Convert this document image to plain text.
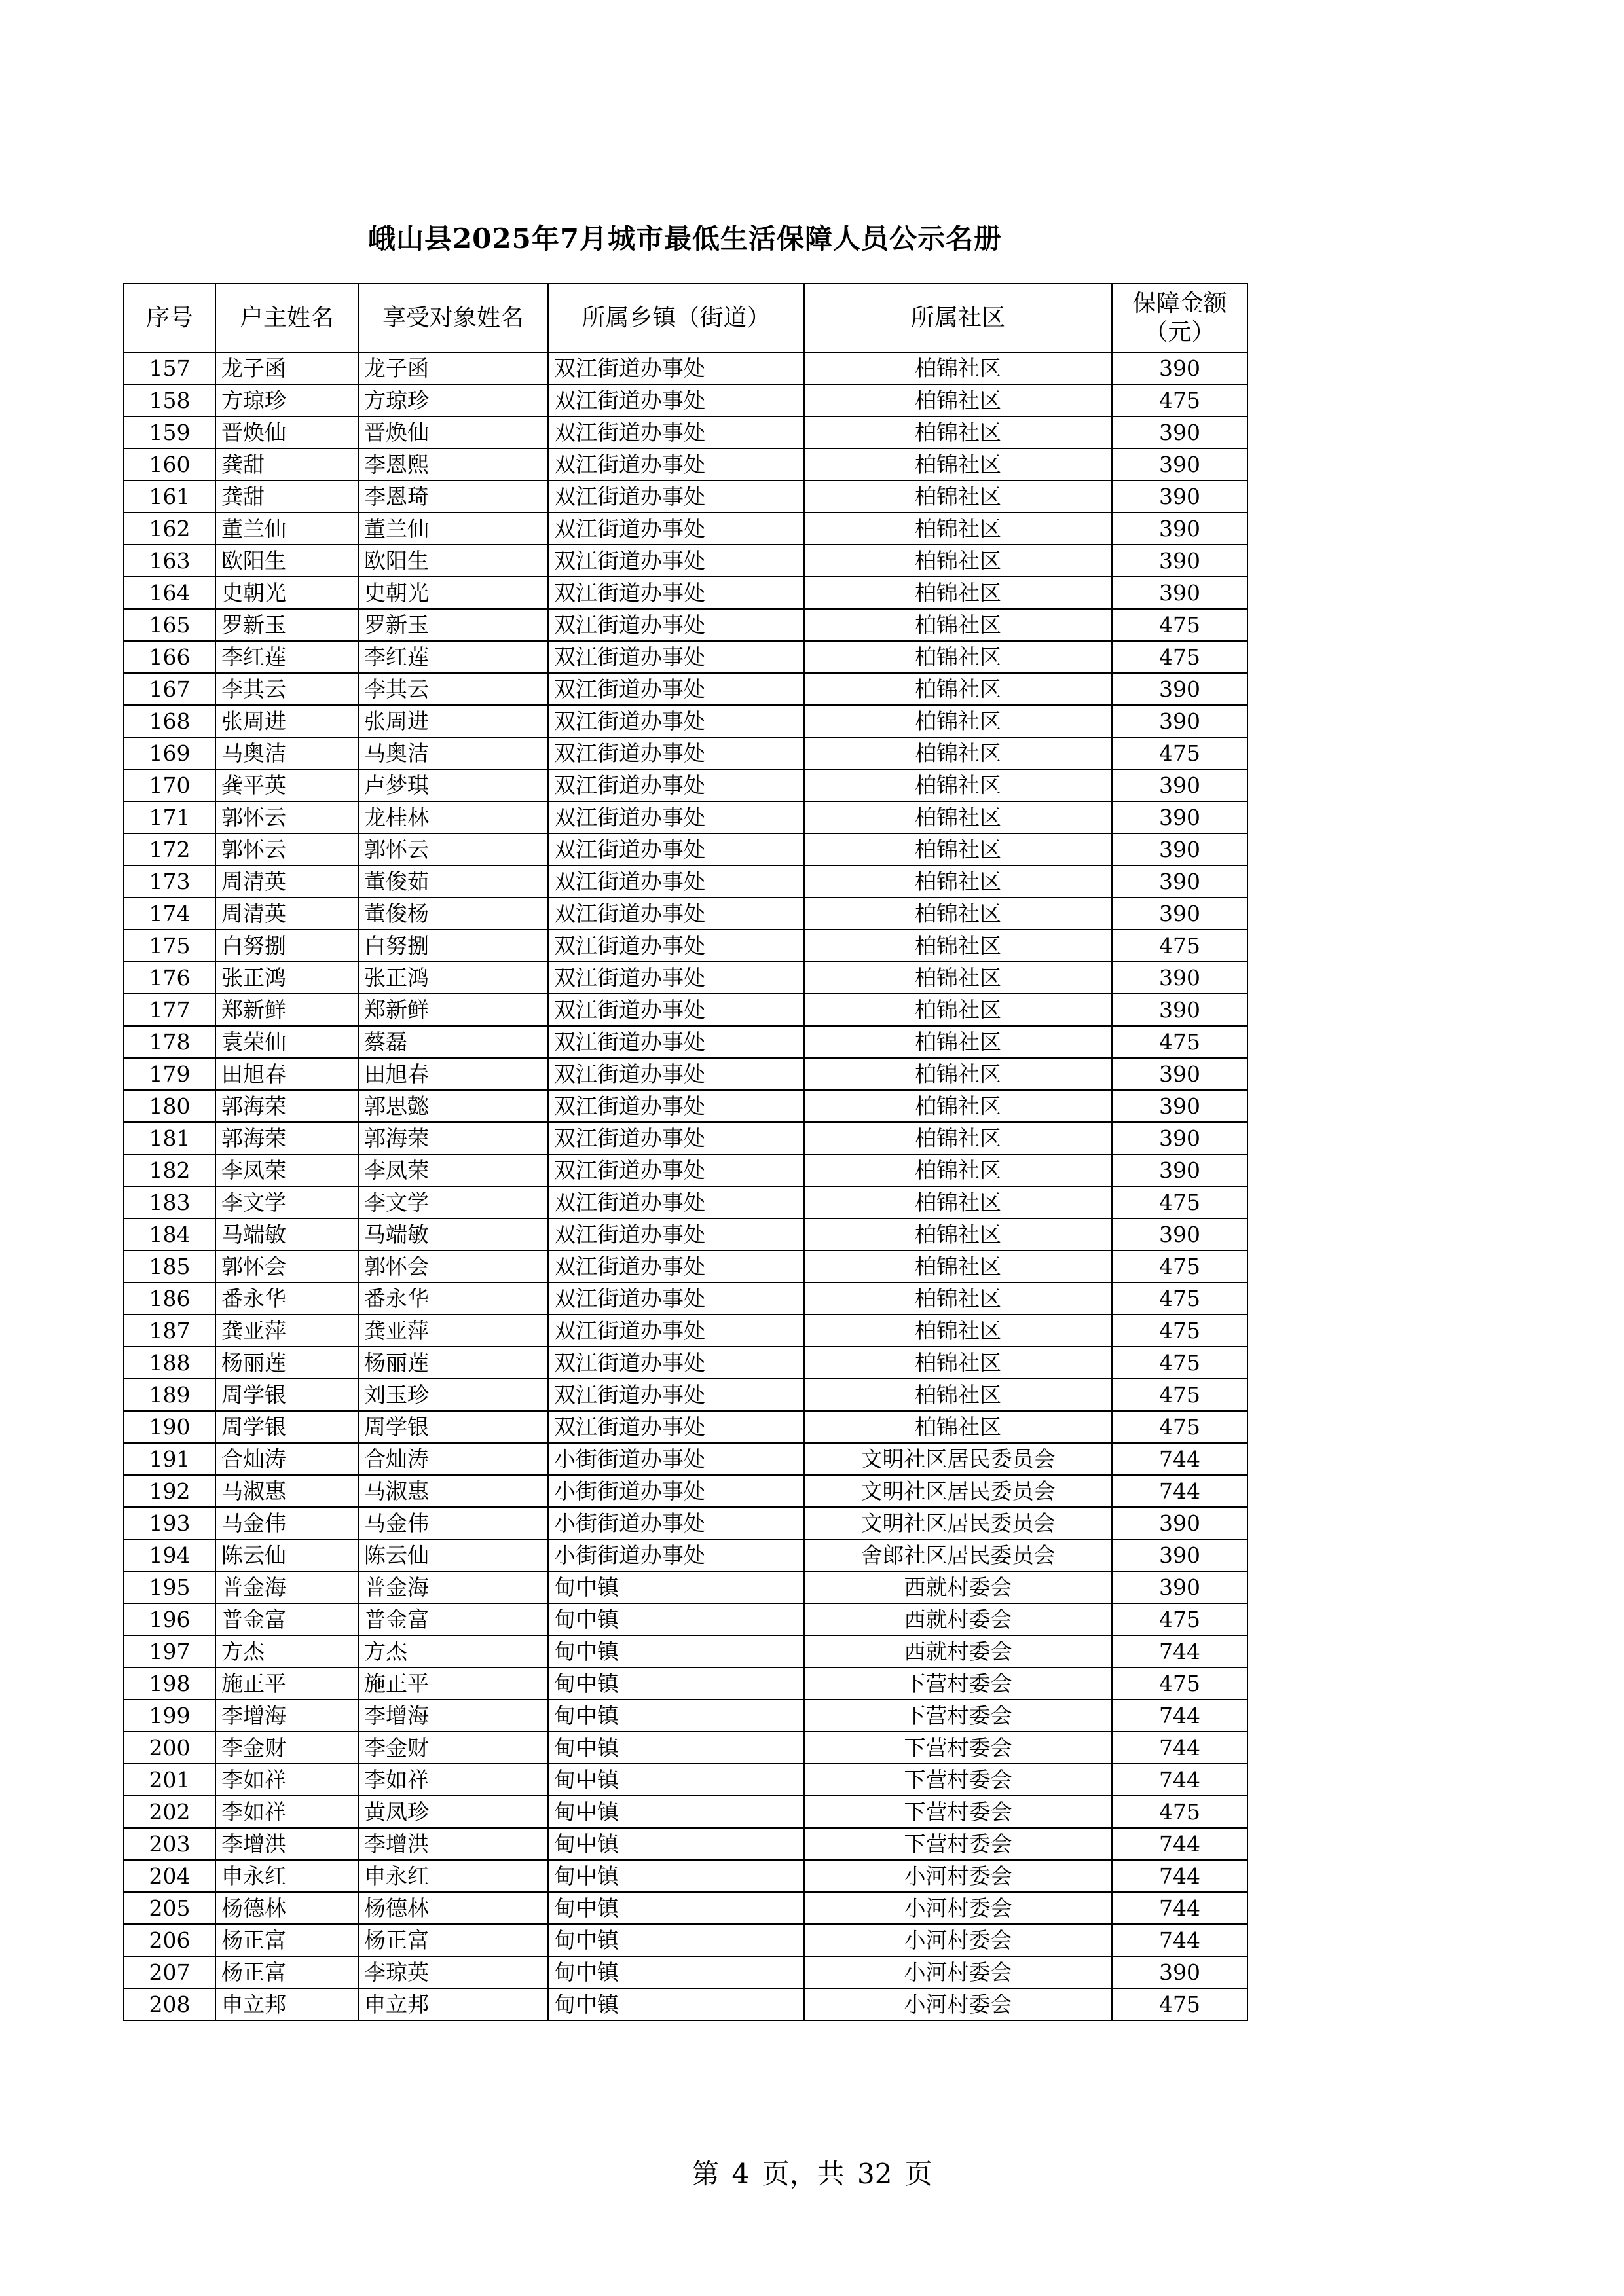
峨山县2025年7月城市最低生活保障人员公示名册
序号	户主姓名	享受对象姓名	所属乡镇（街道）	所属社区	保障金额
（元）

157	龙子函	龙子函	双江街道办事处	柏锦社区	390
158	方琼珍	方琼珍	双江街道办事处	柏锦社区	475
159	晋焕仙	晋焕仙	双江街道办事处	柏锦社区	390
160	龚甜	李恩熙	双江街道办事处	柏锦社区	390
161	龚甜	李恩琦	双江街道办事处	柏锦社区	390
162	董兰仙	董兰仙	双江街道办事处	柏锦社区	390
163	欧阳生	欧阳生	双江街道办事处	柏锦社区	390
164	史朝光	史朝光	双江街道办事处	柏锦社区	390
165	罗新玉	罗新玉	双江街道办事处	柏锦社区	475
166	李红莲	李红莲	双江街道办事处	柏锦社区	475
167	李其云	李其云	双江街道办事处	柏锦社区	390
168	张周进	张周进	双江街道办事处	柏锦社区	390
169	马奥洁	马奥洁	双江街道办事处	柏锦社区	475
170	龚平英	卢梦琪	双江街道办事处	柏锦社区	390
171	郭怀云	龙桂林	双江街道办事处	柏锦社区	390
172	郭怀云	郭怀云	双江街道办事处	柏锦社区	390
173	周清英	董俊茹	双江街道办事处	柏锦社区	390
174	周清英	董俊杨	双江街道办事处	柏锦社区	390
175	白努捌	白努捌	双江街道办事处	柏锦社区	475
176	张正鸿	张正鸿	双江街道办事处	柏锦社区	390
177	郑新鲜	郑新鲜	双江街道办事处	柏锦社区	390
178	袁荣仙	蔡磊	双江街道办事处	柏锦社区	475
179	田旭春	田旭春	双江街道办事处	柏锦社区	390
180	郭海荣	郭思懿	双江街道办事处	柏锦社区	390
181	郭海荣	郭海荣	双江街道办事处	柏锦社区	390
182	李凤荣	李凤荣	双江街道办事处	柏锦社区	390
183	李文学	李文学	双江街道办事处	柏锦社区	475
184	马端敏	马端敏	双江街道办事处	柏锦社区	390
185	郭怀会	郭怀会	双江街道办事处	柏锦社区	475
186	番永华	番永华	双江街道办事处	柏锦社区	475
187	龚亚萍	龚亚萍	双江街道办事处	柏锦社区	475
188	杨丽莲	杨丽莲	双江街道办事处	柏锦社区	475
189	周学银	刘玉珍	双江街道办事处	柏锦社区	475
190	周学银	周学银	双江街道办事处	柏锦社区	475
191	合灿涛	合灿涛	小街街道办事处	文明社区居民委员会	744
192	马淑惠	马淑惠	小街街道办事处	文明社区居民委员会	744
193	马金伟	马金伟	小街街道办事处	文明社区居民委员会	390
194	陈云仙	陈云仙	小街街道办事处	舍郎社区居民委员会	390
195	普金海	普金海	甸中镇	西就村委会	390
196	普金富	普金富	甸中镇	西就村委会	475
197	方杰	方杰	甸中镇	西就村委会	744
198	施正平	施正平	甸中镇	下营村委会	475
199	李增海	李增海	甸中镇	下营村委会	744
200	李金财	李金财	甸中镇	下营村委会	744
201	李如祥	李如祥	甸中镇	下营村委会	744
202	李如祥	黄凤珍	甸中镇	下营村委会	475
203	李增洪	李增洪	甸中镇	下营村委会	744
204	申永红	申永红	甸中镇	小河村委会	744
205	杨德林	杨德林	甸中镇	小河村委会	744
206	杨正富	杨正富	甸中镇	小河村委会	744
207	杨正富	李琼英	甸中镇	小河村委会	390
208	申立邦	申立邦	甸中镇	小河村委会	475
第 4 页，共 32 页
